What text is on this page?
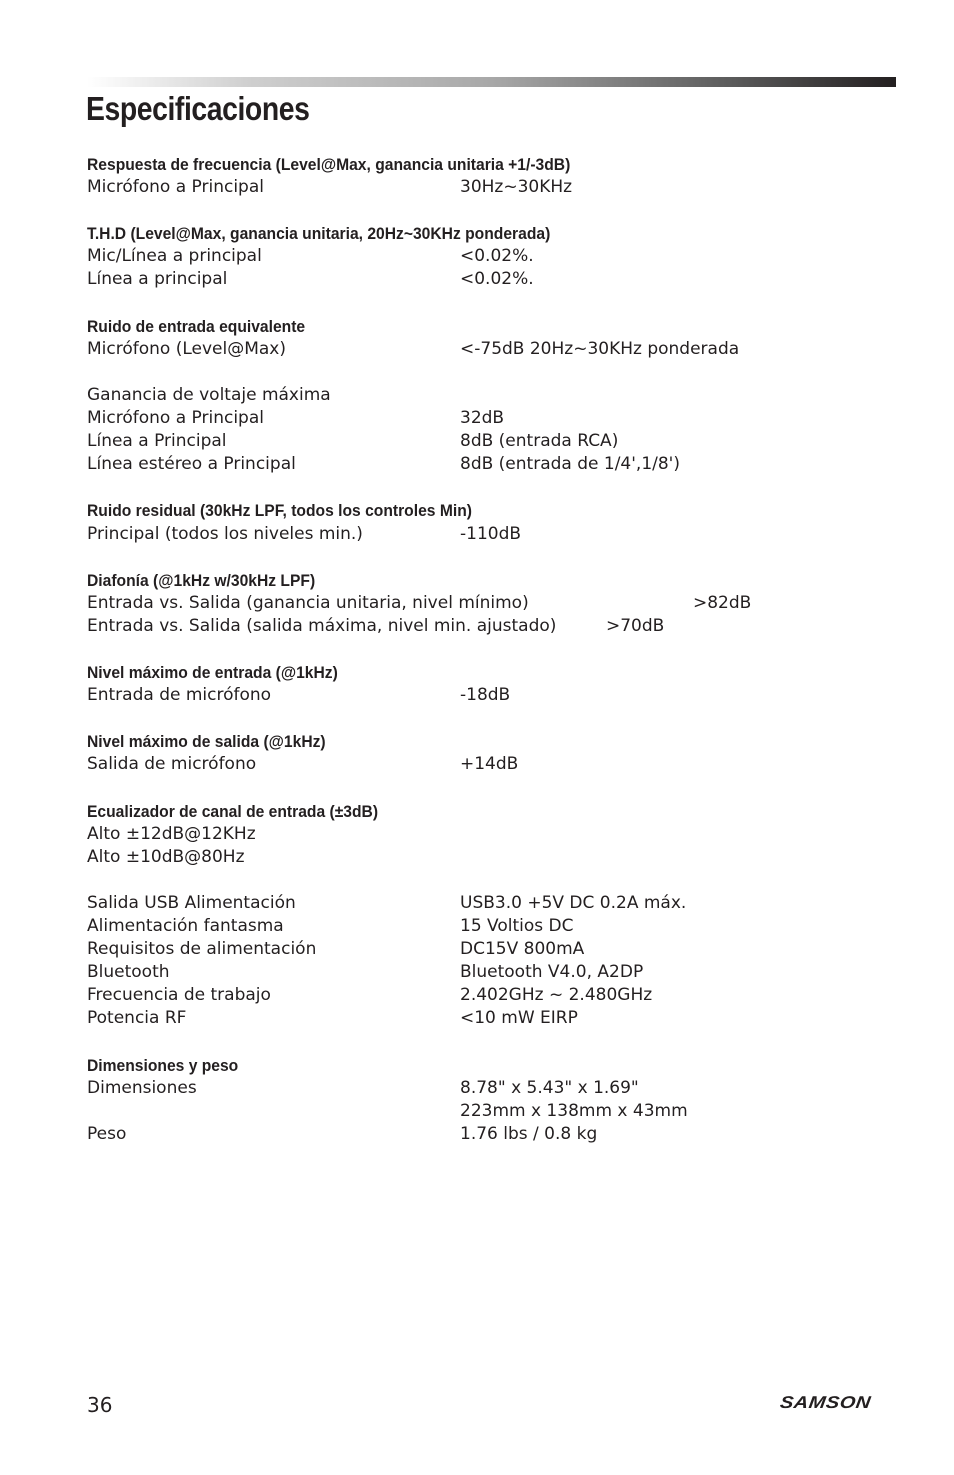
Especificaciones
Respuesta de frecuencia (Level@Max, ganancia unitaria +1/-3dB)
Micrófono a Principal	30Hz~30KHz
T.H.D (Level@Max, ganancia unitaria, 20Hz~30KHz ponderada)
Mic/Línea a principal	<0.02%.
Línea a principal	<0.02%.
Ruido de entrada equivalente
Micrófono (Level@Max)	<-75dB 20Hz~30KHz ponderada
Ganancia de voltaje máxima
Micrófono a Principal	32dB
Línea a Principal	8dB (entrada RCA)
Línea estéreo a Principal	8dB (entrada de 1/4',1/8')
Ruido residual (30kHz LPF, todos los controles Min)
Principal (todos los niveles min.)	-110dB
Diafonía (@1kHz w/30kHz LPF)
Entrada vs. Salida (ganancia unitaria, nivel mínimo)	>82dB
Entrada vs. Salida (salida máxima, nivel min. ajustado)	>70dB
Nivel máximo de entrada (@1kHz)
Entrada de micrófono	-18dB
Nivel máximo de salida (@1kHz)
Salida de micrófono	+14dB
Ecualizador de canal de entrada (±3dB)
Alto ±12dB@12KHz
Alto ±10dB@80Hz
Salida USB Alimentación	USB3.0 +5V DC 0.2A máx.
Alimentación fantasma	15 Voltios DC
Requisitos de alimentación	DC15V 800mA
Bluetooth	Bluetooth V4.0, A2DP
Frecuencia de trabajo	2.402GHz ~ 2.480GHz
Potencia RF	<10 mW EIRP
Dimensiones y peso
Dimensiones	8.78" x 5.43" x 1.69"
223mm x 138mm x 43mm
Peso	1.76 lbs / 0.8 kg
36	SAMSON
